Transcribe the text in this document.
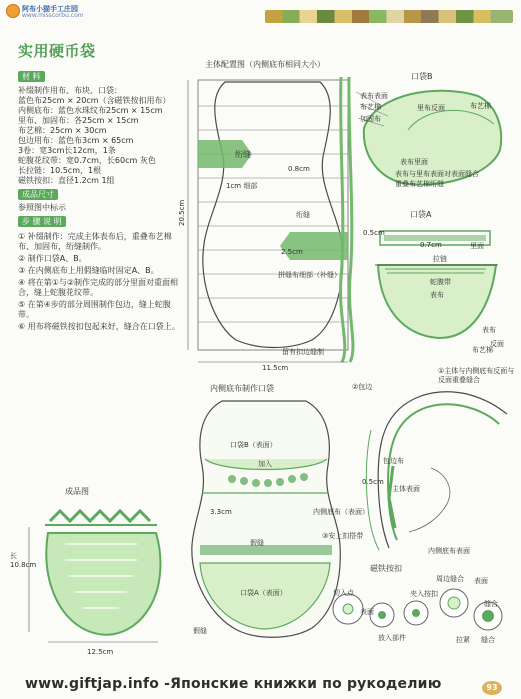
阿布小猫手工庄园
www.misscorbu.com
实用硬币袋
材 料
补缀制作用布、布块、口袋：
蓝色布25cm × 20cm（含磁铁按扣用布）
内侧底布：蓝色水珠纹布25cm × 15cm
里布、加固布：各25cm × 15cm
布艺棉：25cm × 30cm
包边用布：蓝色布3cm × 65cm
3卷：宽3cm长12cm，1条
蛇腹花纹带：宽0.7cm，长60cm 灰色
长拉链：10.5cm，1根
磁铁按扣：直径1.2cm 1组
成品尺寸
参照图中标示
步 骤 说 明
① 补缀制作：完成主体表布后，重叠布艺棉布、加固布，绗缝制作。
② 制作口袋A、B。
③ 在内侧底布上用假缝临时固定A、B。
④ 将在第①与②制作完成的部分里面对重面相合，缝上蛇腹花纹带。
⑤ 在第④步的部分周围制作包边，缝上蛇腹带。
⑥ 用布将磁铁按扣包起来好，缝合在口袋上。
主体配置图（内侧底布相同大小）
绗缝
0.8cm
1cm 细部
绗缝
2.5cm
拼缝布细部（补缝）
20.5cm
11.5cm
留有扣边缝制
口袋B
表布表面
布艺棉
加固布
里布反面	布艺棉
表布里面
表布与里布表面对表面缝合
重叠布艺棉绗缝
口袋A
0.5cm
0.7cm	里面
拉链
蛇腹带
表布
表布
布艺棉
反面
内侧底布制作口袋
口袋B（表面）
加入
3.3cm	内侧底布（表面）
假缝
口袋A（表面）
假缝
成品图
长10.8cm
12.5cm
①主体与内侧底布反面与反面重叠缝合
②包边
包边布
主体表面
③安上扣搭带
内侧底布表面
0.5cm
磁铁按扣
切入点
表面
夹入按扣
周边缝合 表面
缝合
放入部件	拉紧 缝合
www.giftjap.info -Японские книжки по рукоделию	93
